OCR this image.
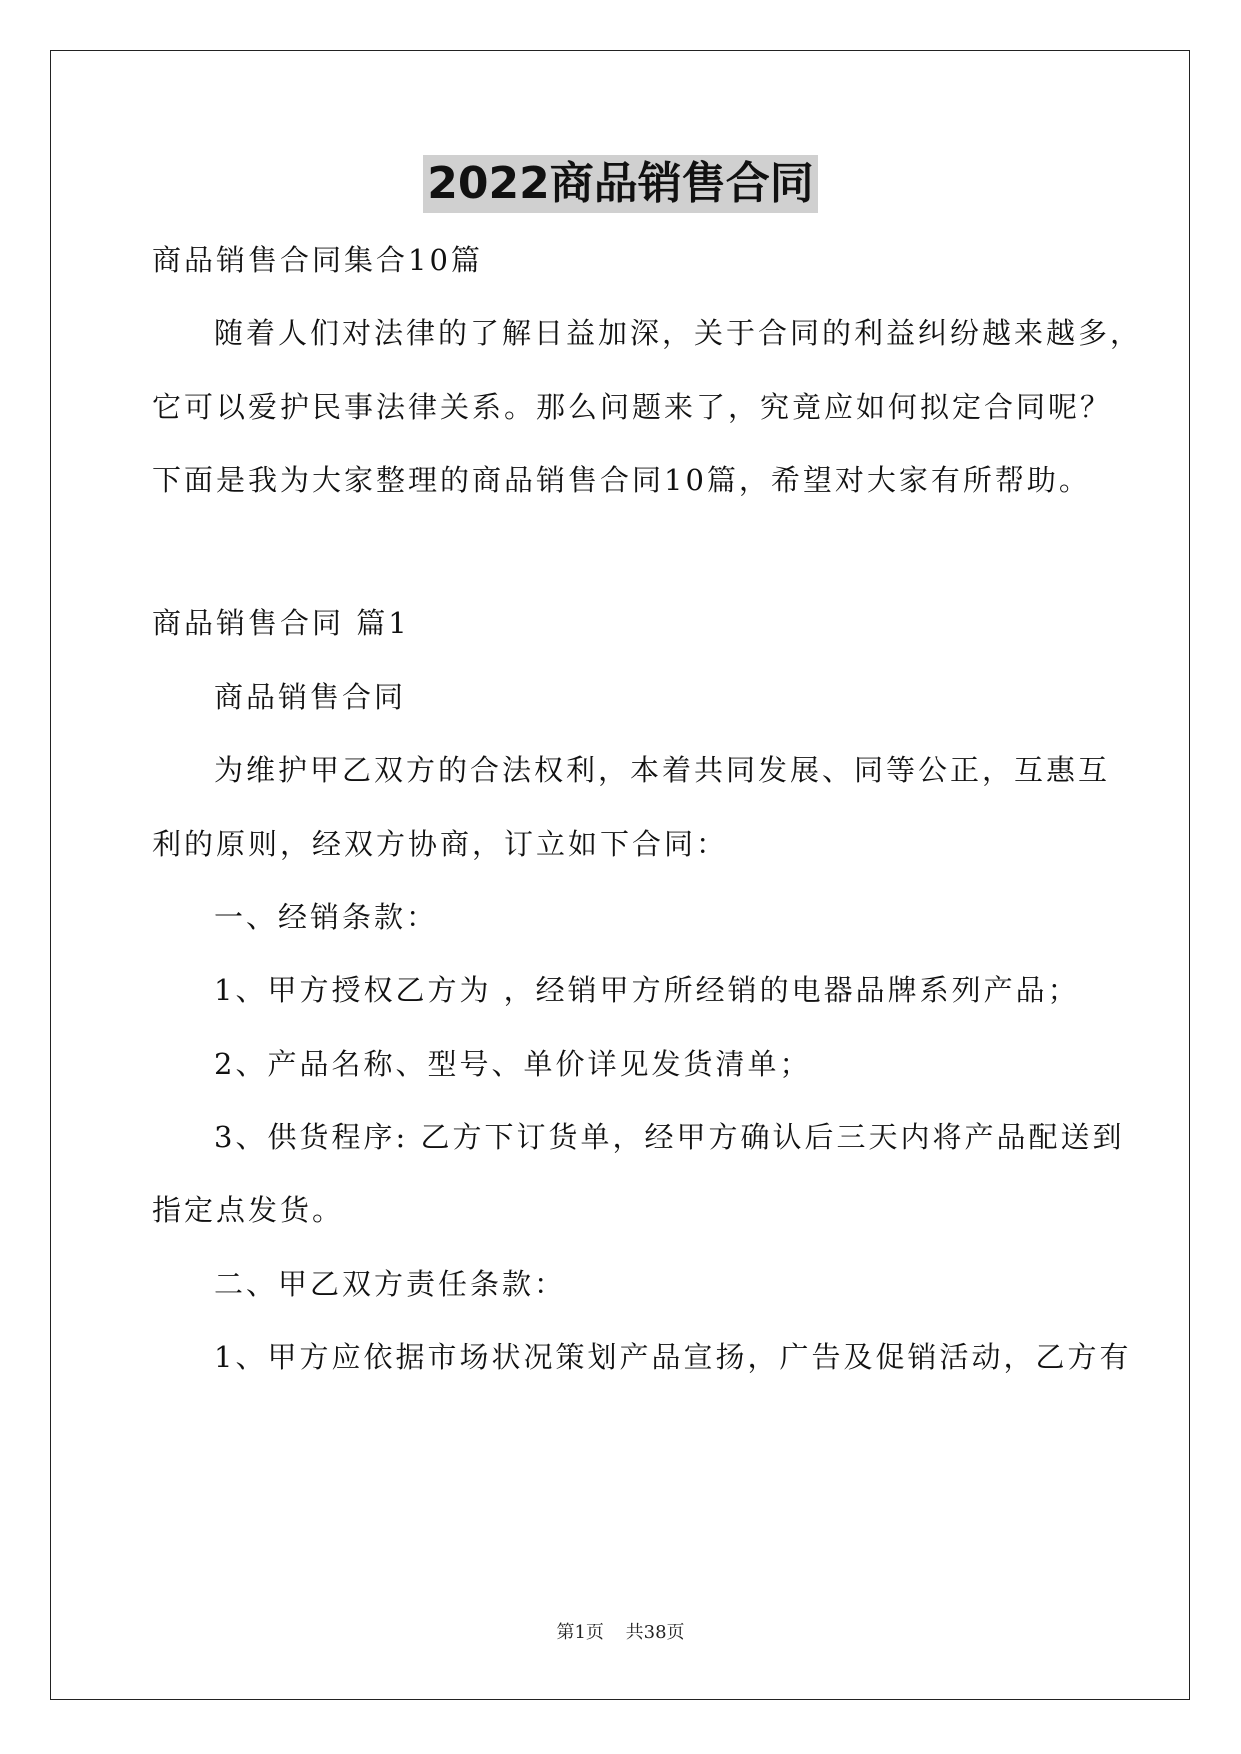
2022商品销售合同
商品销售合同集合10篇
随着人们对法律的了解日益加深，关于合同的利益纠纷越来越多，
它可以爱护民事法律关系。那么问题来了，究竟应如何拟定合同呢？
下面是我为大家整理的商品销售合同10篇，希望对大家有所帮助。
商品销售合同 篇1
商品销售合同
为维护甲乙双方的合法权利，本着共同发展、同等公正，互惠互
利的原则，经双方协商，订立如下合同：
一、经销条款：
1、甲方授权乙方为 ，经销甲方所经销的电器品牌系列产品；
2、产品名称、型号、单价详见发货清单；
3、供货程序: 乙方下订货单，经甲方确认后三天内将产品配送到
指定点发货。
二、甲乙双方责任条款：
1、甲方应依据市场状况策划产品宣扬，广告及促销活动，乙方有
第1页 共38页
